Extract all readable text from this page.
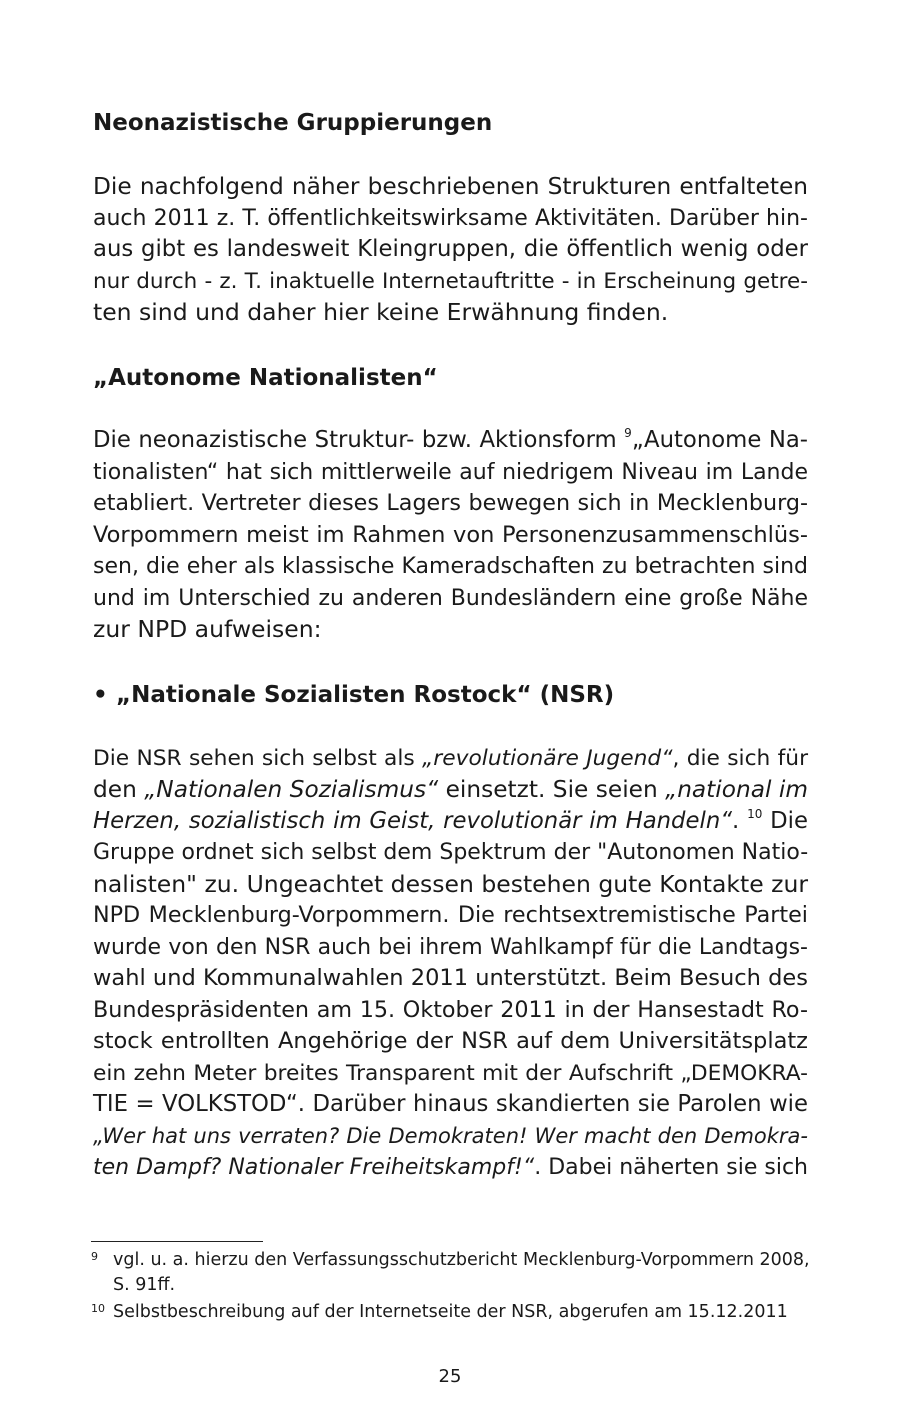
Neonazistische Gruppierungen
Die nachfolgend näher beschriebenen Strukturen entfalteten
auch 2011 z. T. öffentlichkeitswirksame Aktivitäten. Darüber hin-
aus gibt es landesweit Kleingruppen, die öffentlich wenig oder
nur durch - z. T. inaktuelle Internetauftritte - in Erscheinung getre-
ten sind und daher hier keine Erwähnung finden.
„Autonome Nationalisten“
Die neonazistische Struktur- bzw. Aktionsform $^9$„Autonome Na-
tionalisten“ hat sich mittlerweile auf niedrigem Niveau im Lande
etabliert. Vertreter dieses Lagers bewegen sich in Mecklenburg-
Vorpommern meist im Rahmen von Personenzusammenschlüs-
sen, die eher als klassische Kameradschaften zu betrachten sind
und im Unterschied zu anderen Bundesländern eine große Nähe
zur NPD aufweisen:
• „Nationale Sozialisten Rostock“ (NSR)
Die NSR sehen sich selbst als „revolutionäre Jugend“, die sich für
den „Nationalen Sozialismus“ einsetzt. Sie seien „national im
Herzen, sozialistisch im Geist, revolutionär im Handeln“. $^{10}$ Die
Gruppe ordnet sich selbst dem Spektrum der "Autonomen Natio-
nalisten" zu. Ungeachtet dessen bestehen gute Kontakte zur
NPD Mecklenburg-Vorpommern. Die rechtsextremistische Partei
wurde von den NSR auch bei ihrem Wahlkampf für die Landtags-
wahl und Kommunalwahlen 2011 unterstützt. Beim Besuch des
Bundespräsidenten am 15. Oktober 2011 in der Hansestadt Ro-
stock entrollten Angehörige der NSR auf dem Universitätsplatz
ein zehn Meter breites Transparent mit der Aufschrift „DEMOKRA-
TIE = VOLKSTOD“. Darüber hinaus skandierten sie Parolen wie
„Wer hat uns verraten? Die Demokraten! Wer macht den Demokra-
ten Dampf? Nationaler Freiheitskampf!“. Dabei näherten sie sich
9 vgl. u. a. hierzu den Verfassungsschutzbericht Mecklenburg-Vorpommern 2008,
S. 91ff.
10 Selbstbeschreibung auf der Internetseite der NSR, abgerufen am 15.12.2011
25
